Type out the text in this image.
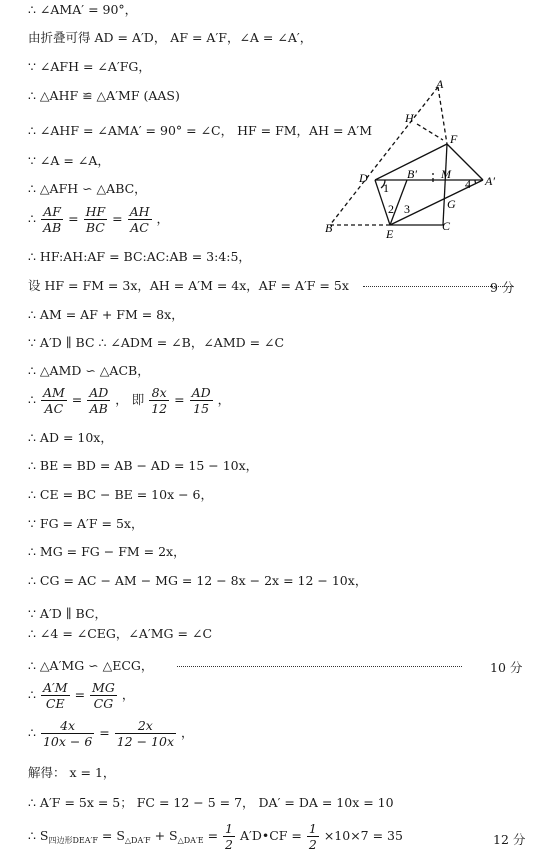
∴ ∠AMA′ = 90°，
由折叠可得 AD = A′D， AF = A′F，∠A = ∠A′，
∵ ∠AFH = ∠A′FG，
∴ △AHF ≌ △A′MF (AAS)
∴ ∠AHF = ∠AMA′ = 90° = ∠C， HF = FM，AH = A′M
∵ ∠A = ∠A，
∴ △AFH ∽ △ABC，
∴ $\frac{AF}{AB} = \frac{HF}{BC} = \frac{AH}{AC}$ ，
∴ HF:AH:AF = BC:AC:AB = 3:4:5，
设 HF = FM = 3x，AH = A′M = 4x，AF = A′F = 5x	9 分
∴ AM = AF + FM = 8x，
∵ A′D ∥ BC ∴ ∠ADM = ∠B，∠AMD = ∠C
∴ △AMD ∽ △ACB，
∴ $\frac{AM}{AC} = \frac{AD}{AB}$ ， 即 $\frac{8x}{12} = \frac{AD}{15}$ ，
∴ AD = 10x，
∴ BE = BD = AB − AD = 15 − 10x，
∴ CE = BC − BE = 10x − 6，
∵ FG = A′F = 5x，
∴ MG = FG − FM = 2x，
∴ CG = AC − AM − MG = 12 − 8x − 2x = 12 − 10x，
∵ A′D ∥ BC，
∴ ∠4 = ∠CEG，∠A′MG = ∠C
∴ △A′MG ∽ △ECG，	10 分
∴ $\frac{A'M}{CE} = \frac{MG}{CG}$ ，
∴ $\frac{4x}{10x - 6} = \frac{2x}{12 - 10x}$ ，
解得： x = 1，
∴ A′F = 5x = 5； FC = 12 − 5 = 7， DA′ = DA = 10x = 10
∴ $S_{四边形DEA'F} = S_{\triangle DA'F} + S_{\triangle DA'E} = \frac{1}{2}$ A′D•CF = $\frac{1}{2} \times 10\times 7 = 35$	12 分
A
H
F
D	B′ M	A′
1	4
G
2 3
B	E
C
